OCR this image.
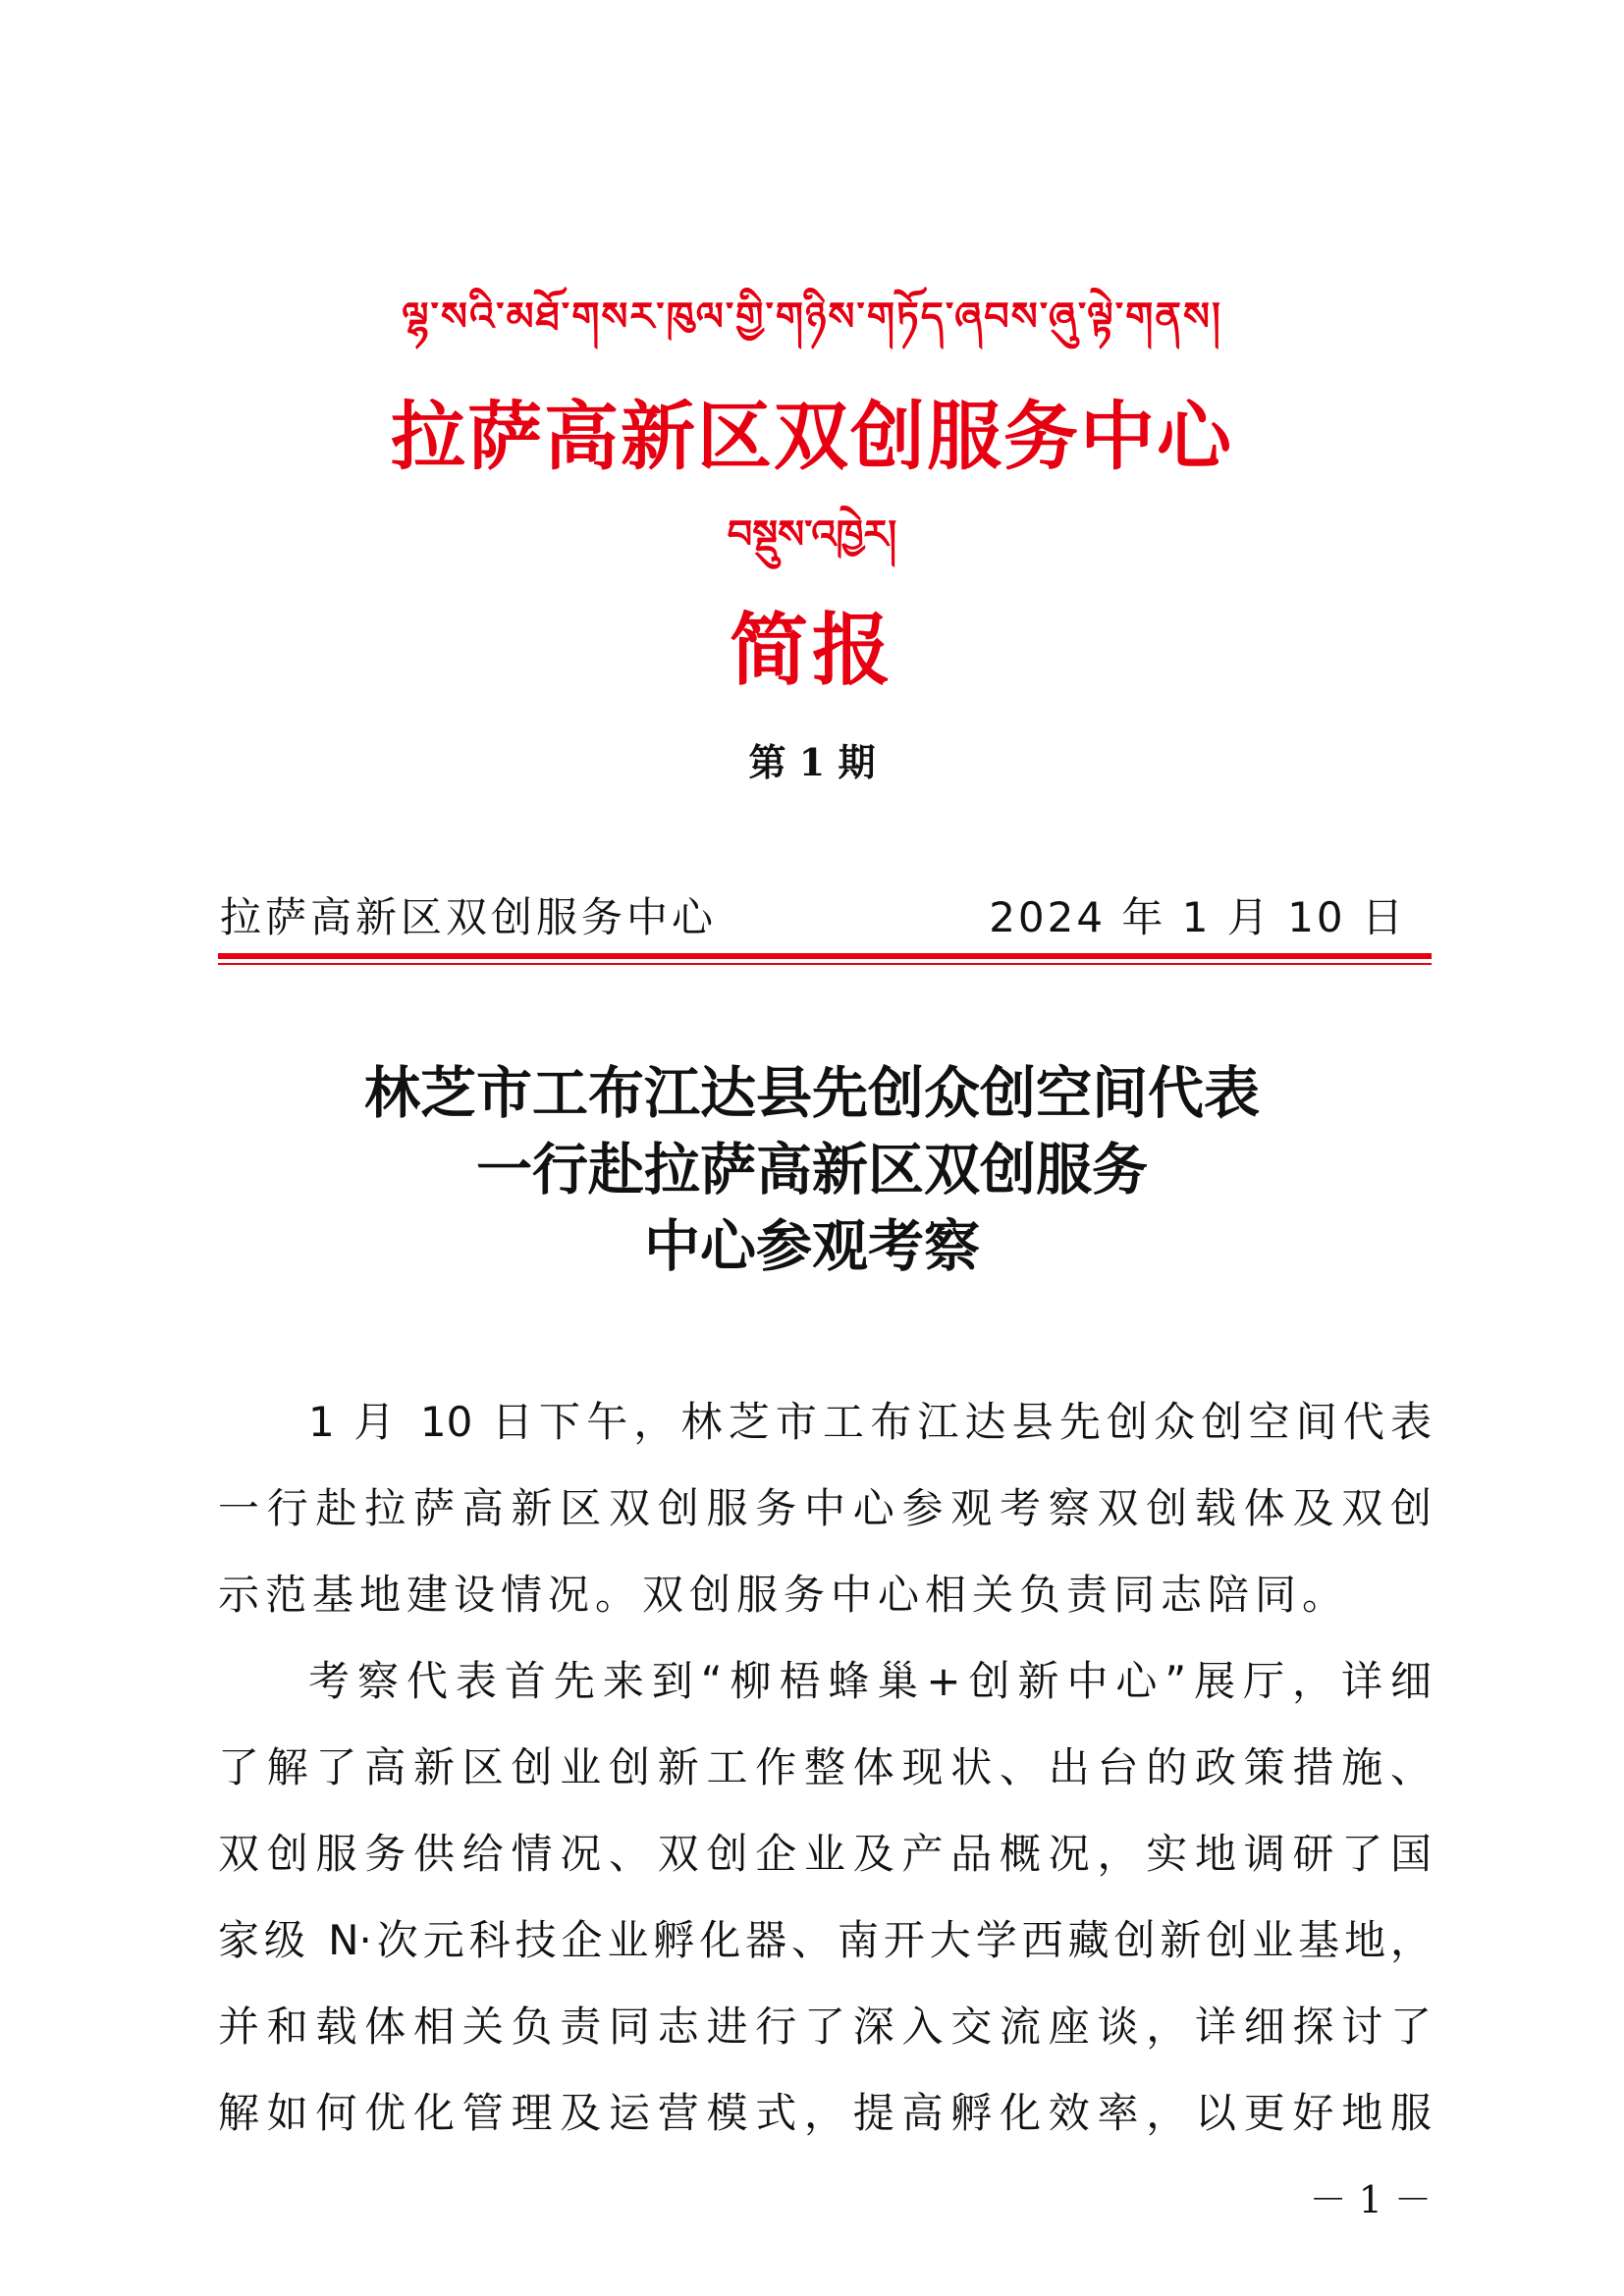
ལྷ་སའི་མཐོ་གསར་ཁུལ་གྱི་གཉིས་གཏོད་ཞབས་ཞུ་ལྟེ་གནས།
拉萨高新区双创服务中心
བསྡུས་འཁྱེར།
简报
第 1 期
拉萨高新区双创服务中心	2024 年 1 月 10 日
林芝市工布江达县先创众创空间代表
一行赴拉萨高新区双创服务
中心参观考察
1 月 10 日下午，林芝市工布江达县先创众创空间代表
一行赴拉萨高新区双创服务中心参观考察双创载体及双创
示范基地建设情况。双创服务中心相关负责同志陪同。
考察代表首先来到“柳梧蜂巢+创新中心”展厅，详细
了解了高新区创业创新工作整体现状、出台的政策措施、
双创服务供给情况、双创企业及产品概况，实地调研了国
家级 N·次元科技企业孵化器、南开大学西藏创新创业基地，
并和载体相关负责同志进行了深入交流座谈，详细探讨了
解如何优化管理及运营模式，提高孵化效率，以更好地服
－ 1 －
